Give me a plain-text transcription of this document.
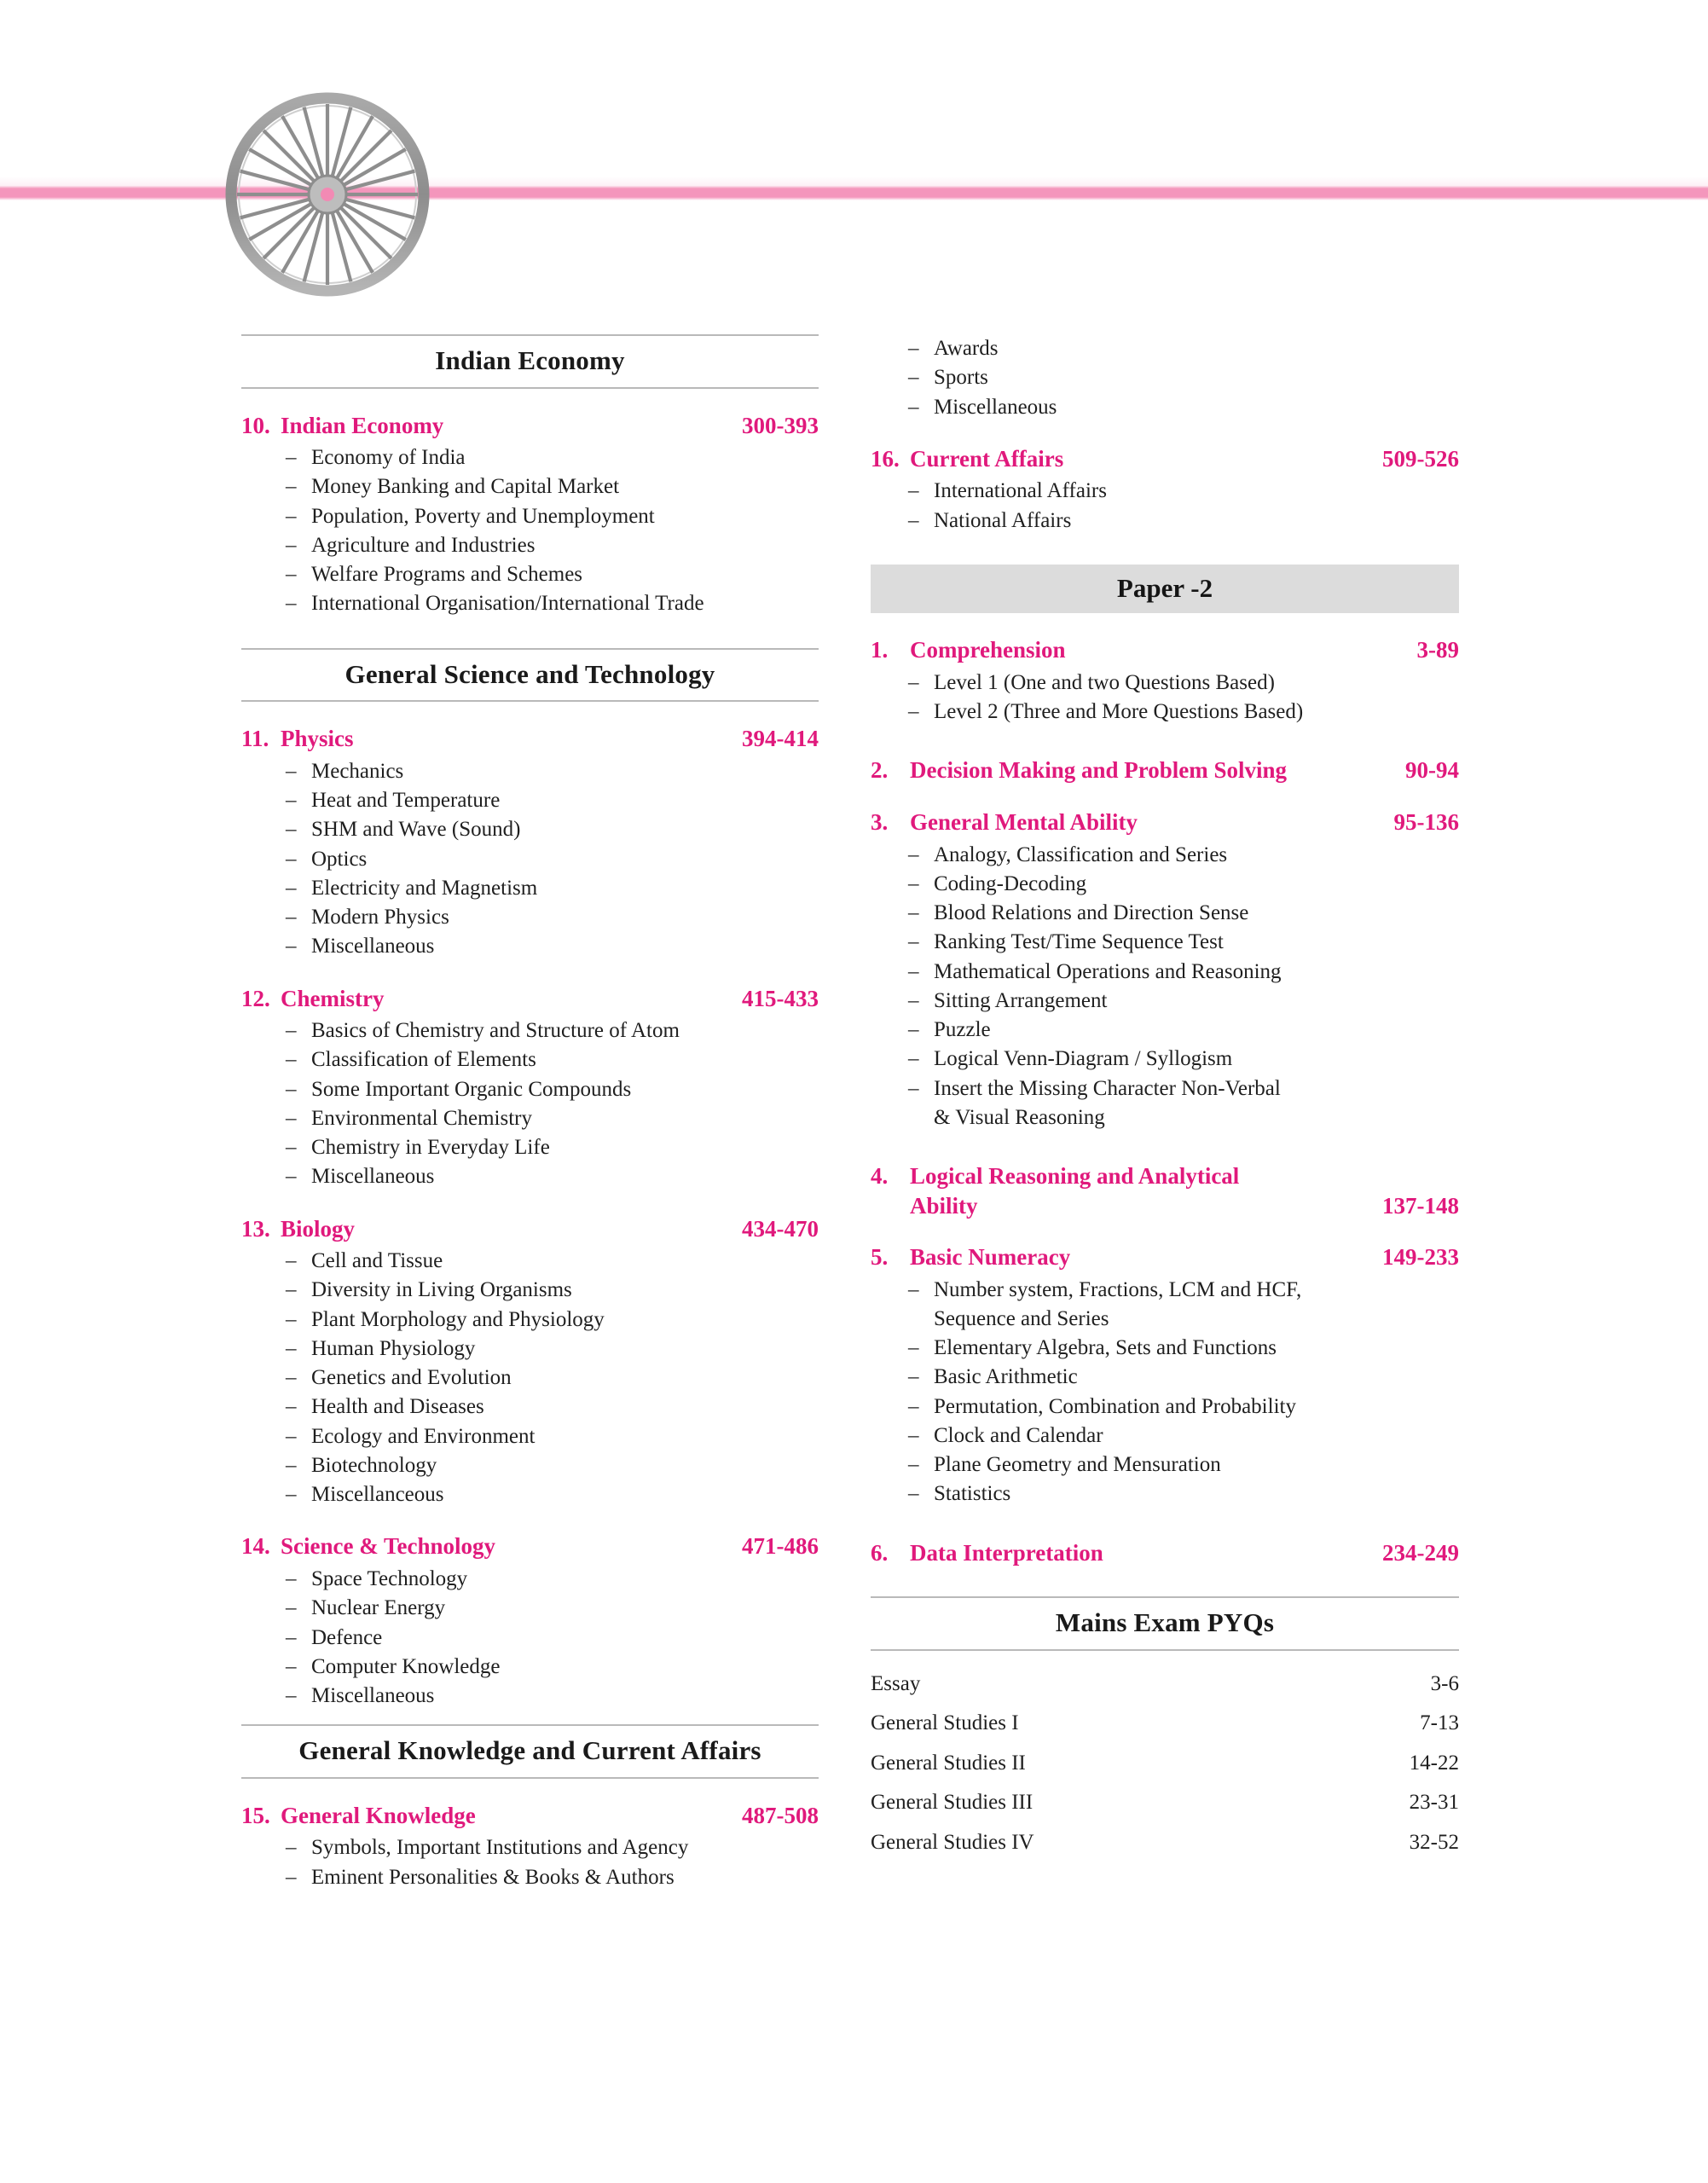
Indian Economy
10. Indian Economy	300-393
– Economy of India
– Money Banking and Capital Market
– Population, Poverty and Unemployment
– Agriculture and Industries
– Welfare Programs and Schemes
– International Organisation/International Trade
General Science and Technology
11. Physics	394-414
– Mechanics
– Heat and Temperature
– SHM and Wave (Sound)
– Optics
– Electricity and Magnetism
– Modern Physics
– Miscellaneous
12. Chemistry	415-433
– Basics of Chemistry and Structure of Atom
– Classification of Elements
– Some Important Organic Compounds
– Environmental Chemistry
– Chemistry in Everyday Life
– Miscellaneous
13. Biology	434-470
– Cell and Tissue
– Diversity in Living Organisms
– Plant Morphology and Physiology
– Human Physiology
– Genetics and Evolution
– Health and Diseases
– Ecology and Environment
– Biotechnology
– Miscellanceous
14. Science & Technology	471-486
– Space Technology
– Nuclear Energy
– Defence
– Computer Knowledge
– Miscellaneous
General Knowledge and Current Affairs
15. General Knowledge	487-508
– Symbols, Important Institutions and Agency
– Eminent Personalities & Books & Authors
– Awards
– Sports
– Miscellaneous
16. Current Affairs	509-526
– International Affairs
– National Affairs
Paper -2
1. Comprehension	3-89
– Level 1 (One and two Questions Based)
– Level 2 (Three and More Questions Based)
2. Decision Making and Problem Solving	90-94
3. General Mental Ability	95-136
– Analogy, Classification and Series
– Coding-Decoding
– Blood Relations and Direction Sense
– Ranking Test/Time Sequence Test
– Mathematical Operations and Reasoning
– Sitting Arrangement
– Puzzle
– Logical Venn-Diagram / Syllogism
– Insert the Missing Character Non-Verbal
& Visual Reasoning
4. Logical Reasoning and Analytical
Ability	137-148
5. Basic Numeracy	149-233
– Number system, Fractions, LCM and HCF,
Sequence and Series
– Elementary Algebra, Sets and Functions
– Basic Arithmetic
– Permutation, Combination and Probability
– Clock and Calendar
– Plane Geometry and Mensuration
– Statistics
6. Data Interpretation	234-249
Mains Exam PYQs
Essay	3-6
General Studies I	7-13
General Studies II	14-22
General Studies III	23-31
General Studies IV	32-52
